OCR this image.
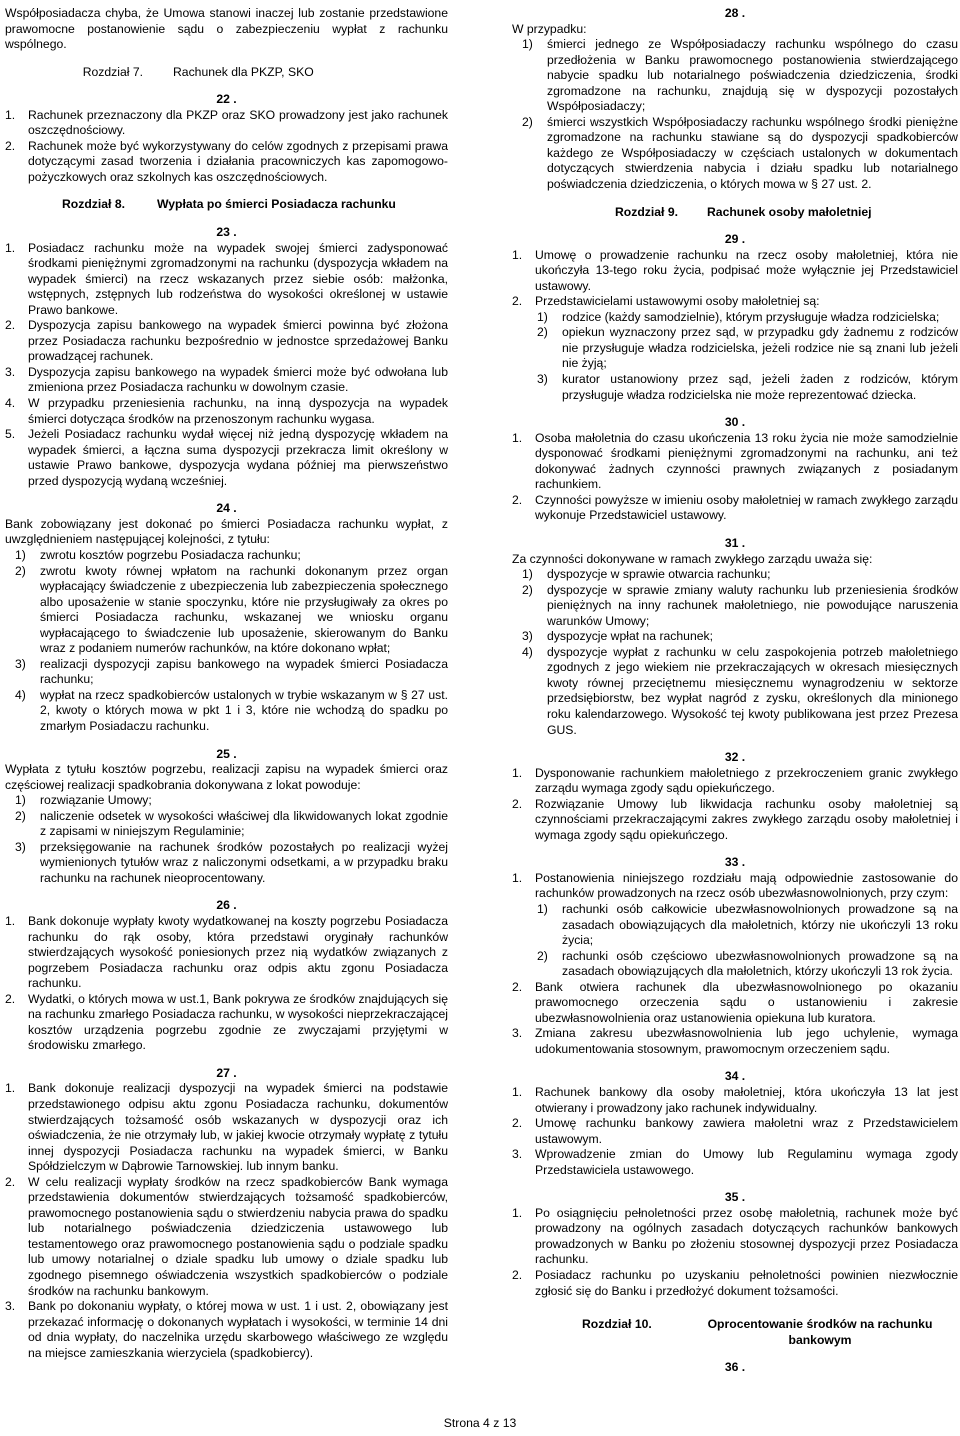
Współposiadacza chyba, że Umowa stanowi inaczej lub zostanie przedstawione prawomocne postanowienie sądu o zabezpieczeniu wypłat z rachunku wspólnego.

Rozdział 7.	Rachunek dla PKZP, SKO
22 .
1.	Rachunek przeznaczony dla PKZP oraz SKO prowadzony jest jako rachunek oszczędnościowy.
2.	Rachunek może być wykorzystywany do celów zgodnych z przepisami prawa dotyczącymi zasad tworzenia i działania pracowniczych kas zapomogowo-pożyczkowych oraz szkolnych kas oszczędnościowych.
Rozdział 8.	Wypłata po śmierci Posiadacza rachunku
23 .
1.	Posiadacz rachunku może na wypadek swojej śmierci zadysponować środkami pieniężnymi zgromadzonymi na rachunku (dyspozycja wkładem na wypadek śmierci) na rzecz wskazanych przez siebie osób: małżonka, wstępnych, zstępnych lub rodzeństwa do wysokości określonej w ustawie Prawo bankowe.
2.	Dyspozycja zapisu bankowego na wypadek śmierci powinna być złożona przez Posiadacza rachunku bezpośrednio w jednostce sprzedażowej Banku prowadzącej rachunek.
3.	Dyspozycja zapisu bankowego na wypadek śmierci może być odwołana lub zmieniona przez Posiadacza rachunku w dowolnym czasie.
4.	W przypadku przeniesienia rachunku, na inną dyspozycja na wypadek śmierci dotycząca środków na przenoszonym rachunku wygasa.
5.	Jeżeli Posiadacz rachunku wydał więcej niż jedną dyspozycję wkładem na wypadek śmierci, a łączna suma dyspozycji przekracza limit określony w ustawie Prawo bankowe, dyspozycja wydana później ma pierwszeństwo przed dyspozycją wydaną wcześniej.
24 .

Bank zobowiązany jest dokonać po śmierci Posiadacza rachunku wypłat, z uwzględnieniem następującej kolejności, z tytułu:

1)	zwrotu kosztów pogrzebu Posiadacza rachunku;
2)	zwrotu kwoty równej wpłatom na rachunki dokonanym przez organ wypłacający świadczenie z ubezpieczenia lub zabezpieczenia społecznego albo uposażenie w stanie spoczynku, które nie przysługiwały za okres po śmierci Posiadacza rachunku, wskazanej we wniosku organu wypłacającego to świadczenie lub uposażenie, skierowanym do Banku wraz z podaniem numerów rachunków, na które dokonano wpłat;
3)	realizacji dyspozycji zapisu bankowego na wypadek śmierci Posiadacza rachunku;
4)	wypłat na rzecz spadkobierców ustalonych w trybie wskazanym w § 27 ust. 2, kwoty o których mowa w pkt 1 i 3, które nie wchodzą do spadku po zmarłym Posiadaczu rachunku.
25 .

Wypłata z tytułu kosztów pogrzebu, realizacji zapisu na wypadek śmierci oraz częściowej realizacji spadkobrania dokonywana z lokat powoduje:

1)	rozwiązanie Umowy;
2)	naliczenie odsetek w wysokości właściwej dla likwidowanych lokat zgodnie z zapisami w niniejszym Regulaminie;
3)	przeksięgowanie na rachunek środków pozostałych po realizacji wyżej wymienionych tytułów wraz z naliczonymi odsetkami, a w przypadku braku rachunku na rachunek nieoprocentowany.
26 .
1.	Bank dokonuje wypłaty kwoty wydatkowanej na koszty pogrzebu Posiadacza rachunku do rąk osoby, która przedstawi oryginały rachunków stwierdzających wysokość poniesionych przez nią wydatków związanych z pogrzebem Posiadacza rachunku oraz odpis aktu zgonu Posiadacza rachunku.
2.	Wydatki, o których mowa w ust.1, Bank pokrywa ze środków znajdujących się na rachunku zmarłego Posiadacza rachunku, w wysokości nieprzekraczającej kosztów urządzenia pogrzebu zgodnie ze zwyczajami przyjętymi w środowisku zmarłego.
27 .
1.	Bank dokonuje realizacji dyspozycji na wypadek śmierci na podstawie przedstawionego odpisu aktu zgonu Posiadacza rachunku, dokumentów stwierdzających tożsamość osób wskazanych w dyspozycji oraz ich oświadczenia, że nie otrzymały lub, w jakiej kwocie otrzymały wypłatę z tytułu innej dyspozycji Posiadacza rachunku na wypadek śmierci, w Banku Spółdzielczym w Dąbrowie Tarnowskiej. lub innym banku.
2.	W celu realizacji wypłaty środków na rzecz spadkobierców Bank wymaga przedstawienia dokumentów stwierdzających tożsamość spadkobierców, prawomocnego postanowienia sądu o stwierdzeniu nabycia prawa do spadku lub notarialnego poświadczenia dziedziczenia ustawowego lub testamentowego oraz prawomocnego postanowienia sądu o podziale spadku lub umowy notarialnej o dziale spadku lub umowy o dziale spadku lub zgodnego pisemnego oświadczenia wszystkich spadkobierców o podziale środków na rachunku bankowym.
3.	Bank po dokonaniu wypłaty, o której mowa w ust. 1 i ust. 2, obowiązany jest przekazać informację o dokonanych wypłatach i wysokości, w terminie 14 dni od dnia wypłaty, do naczelnika urzędu skarbowego właściwego ze względu na miejsce zamieszkania wierzyciela (spadkobiercy).
28 .

W przypadku:

1)	śmierci jednego ze Współposiadaczy rachunku wspólnego do czasu przedłożenia w Banku prawomocnego postanowienia stwierdzającego nabycie spadku lub notarialnego poświadczenia dziedziczenia, środki zgromadzone na rachunku, znajdują się w dyspozycji pozostałych Współposiadaczy;
2)	śmierci wszystkich Współposiadaczy rachunku wspólnego środki pieniężne zgromadzone na rachunku stawiane są do dyspozycji spadkobierców każdego ze Współposiadaczy w częściach ustalonych w dokumentach dotyczących stwierdzenia nabycia i działu spadku lub notarialnego poświadczenia dziedziczenia, o których mowa w § 27 ust. 2.
Rozdział 9.	Rachunek osoby małoletniej
29 .
1.	Umowę o prowadzenie rachunku na rzecz osoby małoletniej, która nie ukończyła 13-tego roku życia, podpisać może wyłącznie jej Przedstawiciel ustawowy.
2.	Przedstawicielami ustawowymi osoby małoletniej są:
1)	rodzice (każdy samodzielnie), którym przysługuje władza rodzicielska;
2)	opiekun wyznaczony przez sąd, w przypadku gdy żadnemu z rodziców nie przysługuje władza rodzicielska, jeżeli rodzice nie są znani lub jeżeli nie żyją;
3)	kurator ustanowiony przez sąd, jeżeli żaden z rodziców, którym przysługuje władza rodzicielska nie może reprezentować dziecka.
30 .
1.	Osoba małoletnia do czasu ukończenia 13 roku życia nie może samodzielnie dysponować środkami pieniężnymi zgromadzonymi na rachunku, ani też dokonywać żadnych czynności prawnych związanych z posiadanym rachunkiem.
2.	Czynności powyższe w imieniu osoby małoletniej w ramach zwykłego zarządu wykonuje Przedstawiciel ustawowy.
31 .

Za czynności dokonywane w ramach zwykłego zarządu uważa się:

1)	dyspozycje w sprawie otwarcia rachunku;
2)	dyspozycje w sprawie zmiany waluty rachunku lub przeniesienia środków pieniężnych na inny rachunek małoletniego, nie powodujące naruszenia warunków Umowy;
3)	dyspozycje wpłat na rachunek;
4)	dyspozycje wypłat z rachunku w celu zaspokojenia potrzeb małoletniego zgodnych z jego wiekiem nie przekraczających w okresach miesięcznych kwoty równej przeciętnemu miesięcznemu wynagrodzeniu w sektorze przedsiębiorstw, bez wypłat nagród z zysku, określonych dla minionego roku kalendarzowego. Wysokość tej kwoty publikowana jest przez Prezesa GUS.
32 .
1.	Dysponowanie rachunkiem małoletniego z przekroczeniem granic zwykłego zarządu wymaga zgody sądu opiekuńczego.
2.	Rozwiązanie Umowy lub likwidacja rachunku osoby małoletniej są czynnościami przekraczającymi zakres zwykłego zarządu osoby małoletniej i wymaga zgody sądu opiekuńczego.
33 .
1.	Postanowienia niniejszego rozdziału mają odpowiednie zastosowanie do rachunków prowadzonych na rzecz osób ubezwłasnowolnionych, przy czym:
1)	rachunki osób całkowicie ubezwłasnowolnionych prowadzone są na zasadach obowiązujących dla małoletnich, którzy nie ukończyli 13 roku życia;
2)	rachunki osób częściowo ubezwłasnowolnionych prowadzone są na zasadach obowiązujących dla małoletnich, którzy ukończyli 13 rok życia.
2.	Bank otwiera rachunek dla ubezwłasnowolnionego po okazaniu prawomocnego orzeczenia sądu o ustanowieniu i zakresie ubezwłasnowolnienia oraz ustanowienia opiekuna lub kuratora.
3.	Zmiana zakresu ubezwłasnowolnienia lub jego uchylenie, wymaga udokumentowania stosownym, prawomocnym orzeczeniem sądu.
34 .
1.	Rachunek bankowy dla osoby małoletniej, która ukończyła 13 lat jest otwierany i prowadzony jako rachunek indywidualny.
2.	Umowę rachunku bankowy zawiera małoletni wraz z Przedstawicielem ustawowym.
3.	Wprowadzenie zmian do Umowy lub Regulaminu wymaga zgody Przedstawiciela ustawowego.
35 .
1.	Po osiągnięciu pełnoletności przez osobę małoletnią, rachunek może być prowadzony na ogólnych zasadach dotyczących rachunków bankowych prowadzonych w Banku po złożeniu stosownej dyspozycji przez Posiadacza rachunku.
2.	Posiadacz rachunku po uzyskaniu pełnoletności powinien niezwłocznie zgłosić się do Banku i przedłożyć dokument tożsamości.
Rozdział 10.	Oprocentowanie środków na rachunku bankowym
36 .
Strona 4 z 13
